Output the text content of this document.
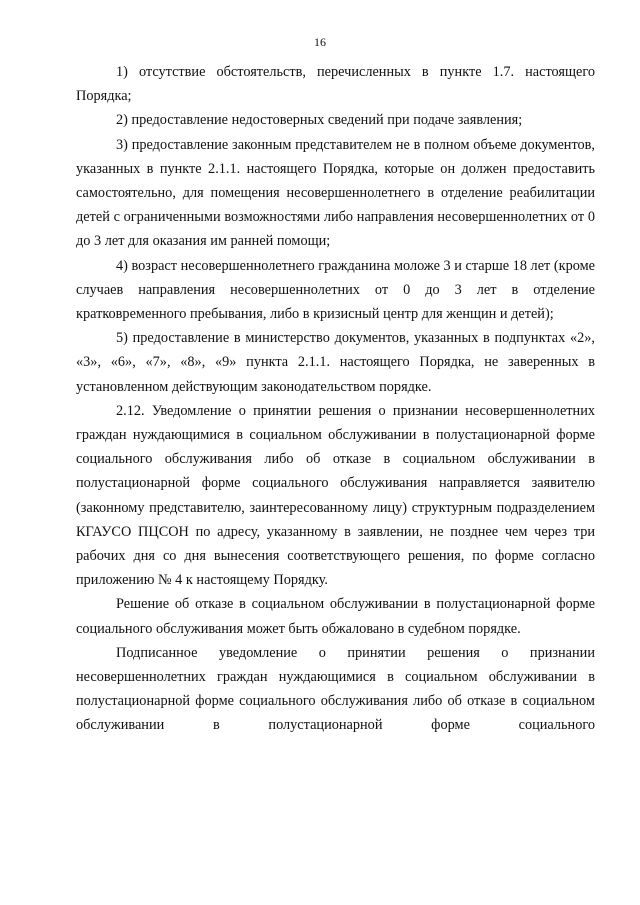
16

1) отсутствие обстоятельств, перечисленных в пункте 1.7. настоящего Порядка;

2) предоставление недостоверных сведений при подаче заявления;

3) предоставление законным представителем не в полном объеме документов, указанных в пункте 2.1.1. настоящего Порядка, которые он должен предоставить самостоятельно, для помещения несовершеннолетнего в отделение реабилитации детей с ограниченными возможностями либо направления несовершеннолетних от 0 до 3 лет для оказания им ранней помощи;

4) возраст несовершеннолетнего гражданина моложе 3 и старше 18 лет (кроме случаев направления несовершеннолетних от 0 до 3 лет в отделение кратковременного пребывания, либо в кризисный центр для женщин и детей);

5) предоставление в министерство документов, указанных в подпунктах «2», «3», «6», «7», «8», «9» пункта 2.1.1. настоящего Порядка, не заверенных в установленном действующим законодательством порядке.

2.12. Уведомление о принятии решения о признании несовершеннолетних граждан нуждающимися в социальном обслуживании в полустационарной форме социального обслуживания либо об отказе в социальном обслуживании в полустационарной форме социального обслуживания направляется заявителю (законному представителю, заинтересованному лицу) структурным подразделением КГАУСО ПЦСОН по адресу, указанному в заявлении, не позднее чем через три рабочих дня со дня вынесения соответствующего решения, по форме согласно приложению № 4 к настоящему Порядку.

Решение об отказе в социальном обслуживании в полустационарной форме социального обслуживания может быть обжаловано в судебном порядке.

Подписанное уведомление о принятии решения о признании несовершеннолетних граждан нуждающимися в социальном обслуживании в полустационарной форме социального обслуживания либо об отказе в социальном обслуживании в полустационарной форме социального
